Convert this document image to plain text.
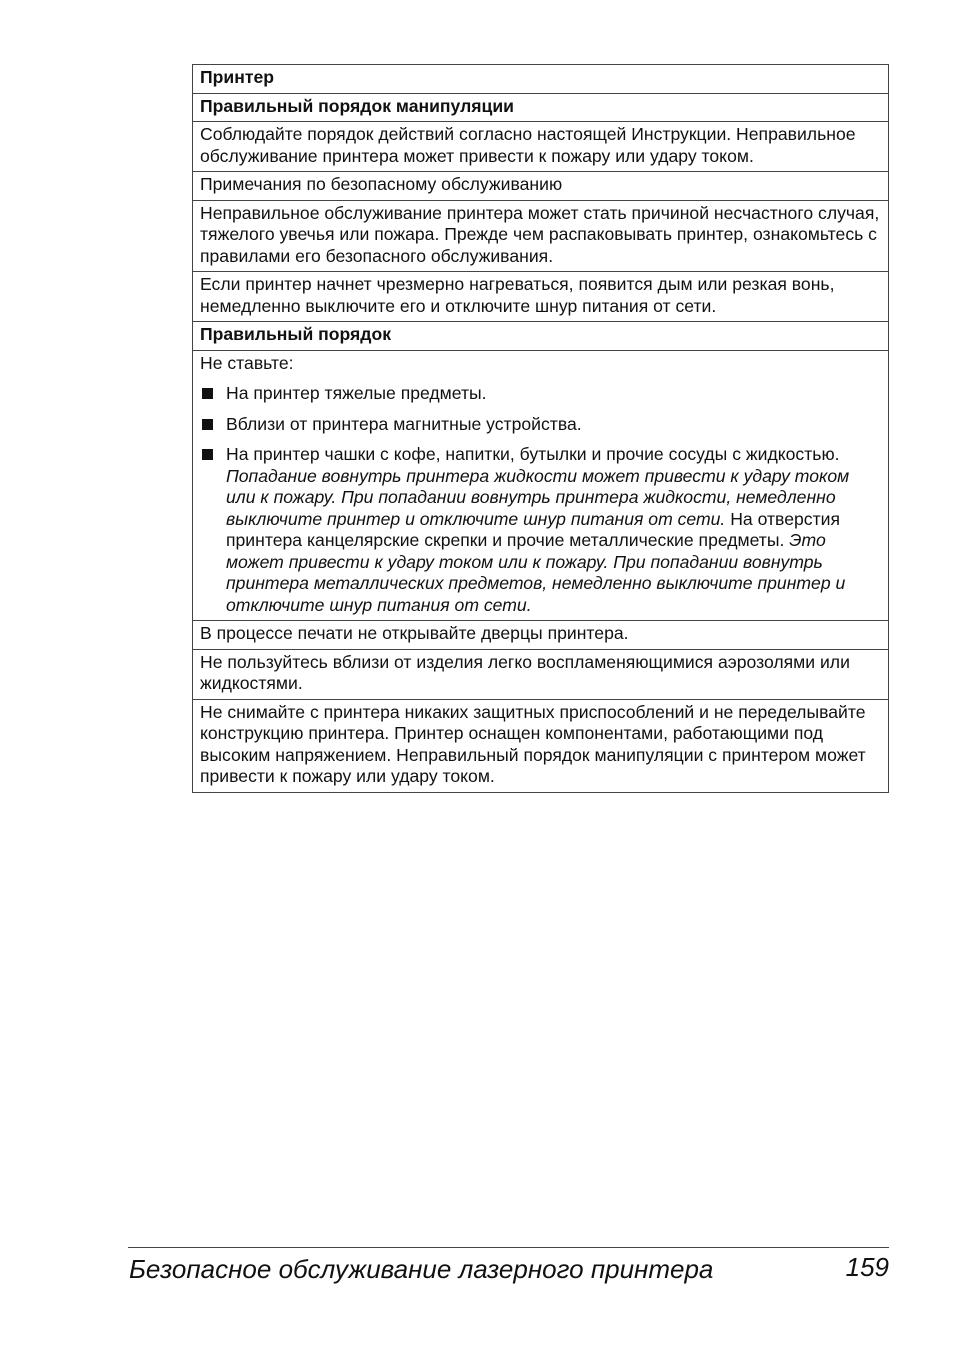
Принтер
Правильный порядок манипуляции
Соблюдайте порядок действий согласно настоящей Инструкции. Неправильное обслуживание принтера может привести к пожару или удару током.
Примечания по безопасному обслуживанию
Неправильное обслуживание принтера может стать причиной несчастного случая, тяжелого увечья или пожара. Прежде чем распаковывать принтер, ознакомьтесь с правилами его безопасного обслуживания.
Если принтер начнет чрезмерно нагреваться, появится дым или резкая вонь, немедленно выключите его и отключите шнур питания от сети.
Правильный порядок

Не ставьте:

На принтер тяжелые предметы.
Вблизи от принтера магнитные устройства.
На принтер чашки с кофе, напитки, бутылки и прочие сосуды с жидкостью. Попадание вовнутрь принтера жидкости может привести к удару током или к пожару. При попадании вовнутрь принтера жидкости, немедленно выключите принтер и отключите шнур питания от сети. На отверстия принтера канцелярские скрепки и прочие металлические предметы. Это может привести к удару током или к пожару. При попадании вовнутрь принтера металлических предметов, немедленно выключите принтер и отключите шнур питания от сети.
В процессе печати не открывайте дверцы принтера.
Не пользуйтесь вблизи от изделия легко воспламеняющимися аэрозолями или жидкостями.
Не снимайте с принтера никаких защитных приспособлений и не переделывайте конструкцию принтера. Принтер оснащен компонентами, работающими под высоким напряжением. Неправильный порядок манипуляции с принтером может привести к пожару или удару током.
Безопасное обслуживание лазерного принтера	159
